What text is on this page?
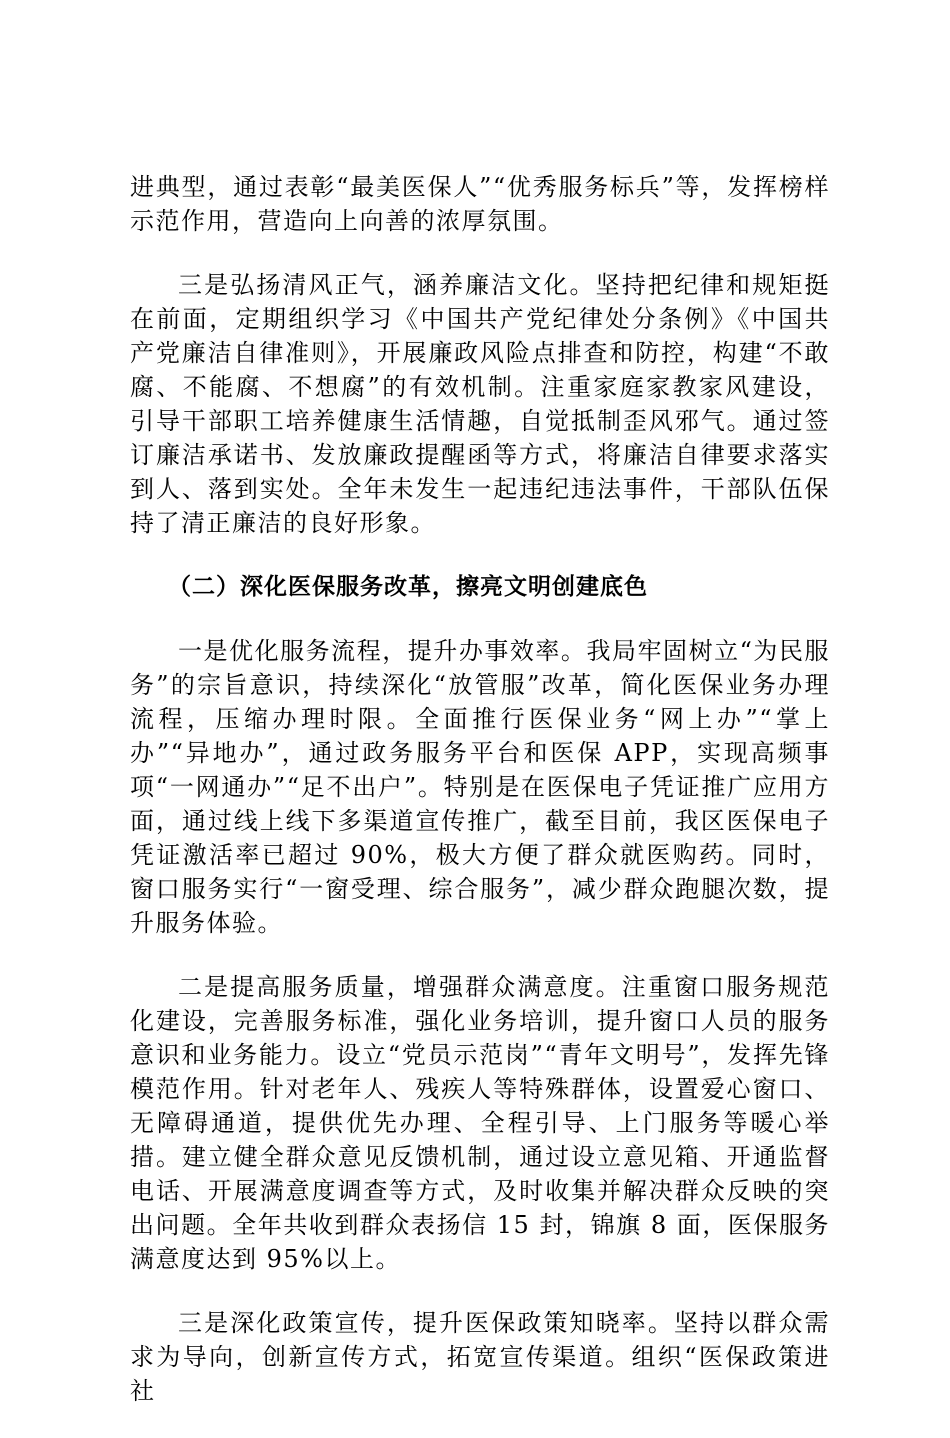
进典型，通过表彰“最美医保人”“优秀服务标兵”等，发挥榜样示范作用，营造向上向善的浓厚氛围。

三是弘扬清风正气，涵养廉洁文化。坚持把纪律和规矩挺在前面，定期组织学习《中国共产党纪律处分条例》《中国共产党廉洁自律准则》，开展廉政风险点排查和防控，构建“不敢腐、不能腐、不想腐”的有效机制。注重家庭家教家风建设，引导干部职工培养健康生活情趣，自觉抵制歪风邪气。通过签订廉洁承诺书、发放廉政提醒函等方式，将廉洁自律要求落实到人、落到实处。全年未发生一起违纪违法事件，干部队伍保持了清正廉洁的良好形象。

（二）深化医保服务改革，擦亮文明创建底色

一是优化服务流程，提升办事效率。我局牢固树立“为民服务”的宗旨意识，持续深化“放管服”改革，简化医保业务办理流程，压缩办理时限。全面推行医保业务“网上办”“掌上办”“异地办”，通过政务服务平台和医保 APP，实现高频事项“一网通办”“足不出户”。特别是在医保电子凭证推广应用方面，通过线上线下多渠道宣传推广，截至目前，我区医保电子凭证激活率已超过 90%，极大方便了群众就医购药。同时，窗口服务实行“一窗受理、综合服务”，减少群众跑腿次数，提升服务体验。

二是提高服务质量，增强群众满意度。注重窗口服务规范化建设，完善服务标准，强化业务培训，提升窗口人员的服务意识和业务能力。设立“党员示范岗”“青年文明号”，发挥先锋模范作用。针对老年人、残疾人等特殊群体，设置爱心窗口、无障碍通道，提供优先办理、全程引导、上门服务等暖心举措。建立健全群众意见反馈机制，通过设立意见箱、开通监督电话、开展满意度调查等方式，及时收集并解决群众反映的突出问题。全年共收到群众表扬信 15 封，锦旗 8 面，医保服务满意度达到 95%以上。

三是深化政策宣传，提升医保政策知晓率。坚持以群众需求为导向，创新宣传方式，拓宽宣传渠道。组织“医保政策进社
